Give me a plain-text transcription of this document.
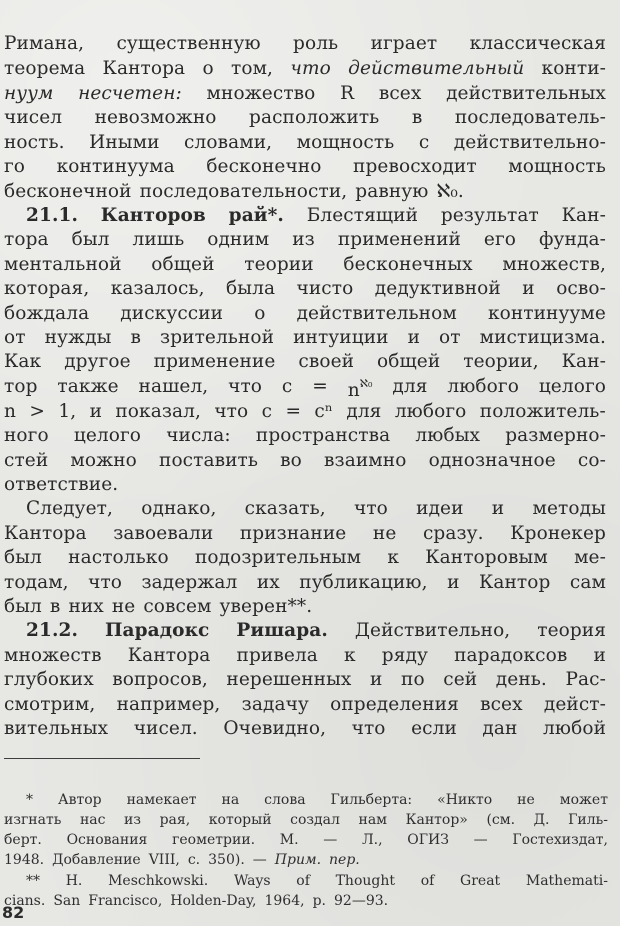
Римана, существенную роль играет классическая
теорема Кантора о том, что действительный конти-
нуум несчетен: множество R всех действительных
чисел невозможно расположить в последователь-
ность. Иными словами, мощность c действительно-
го континуума бесконечно превосходит мощность
бесконечной последовательности, равную ℵ₀.
21.1. Канторов рай*. Блестящий результат Кан-
тора был лишь одним из применений его фунда-
ментальной общей теории бесконечных множеств,
которая, казалось, была чисто дедуктивной и осво-
бождала дискуссии о действительном континууме
от нужды в зрительной интуиции и от мистицизма.
Как другое применение своей общей теории, Кан-
тор также нашел, что $c = n^{ℵ_0}$ для любого целого
n > 1, и показал, что c = cⁿ для любого положитель-
ного целого числа: пространства любых размерно-
стей можно поставить во взаимно однозначное со-
ответствие.
Следует, однако, сказать, что идеи и методы
Кантора завоевали признание не сразу. Кронекер
был настолько подозрительным к Канторовым ме-
тодам, что задержал их публикацию, и Кантор сам
был в них не совсем уверен**.
21.2. Парадокс Ришара. Действительно, теория
множеств Кантора привела к ряду парадоксов и
глубоких вопросов, нерешенных и по сей день. Рас-
смотрим, например, задачу определения всех дейст-
вительных чисел. Очевидно, что если дан любой
* Автор намекает на слова Гильберта: «Никто не может
изгнать нас из рая, который создал нам Кантор» (см. Д. Гиль-
берт. Основания геометрии. М. — Л., ОГИЗ — Гостехиздат,
1948. Добавление VIII, с. 350). — Прим. пер.
** H. Meschkowski. Ways of Thought of Great Mathemati-
cians. San Francisco, Holden-Day, 1964, p. 92—93.
82
